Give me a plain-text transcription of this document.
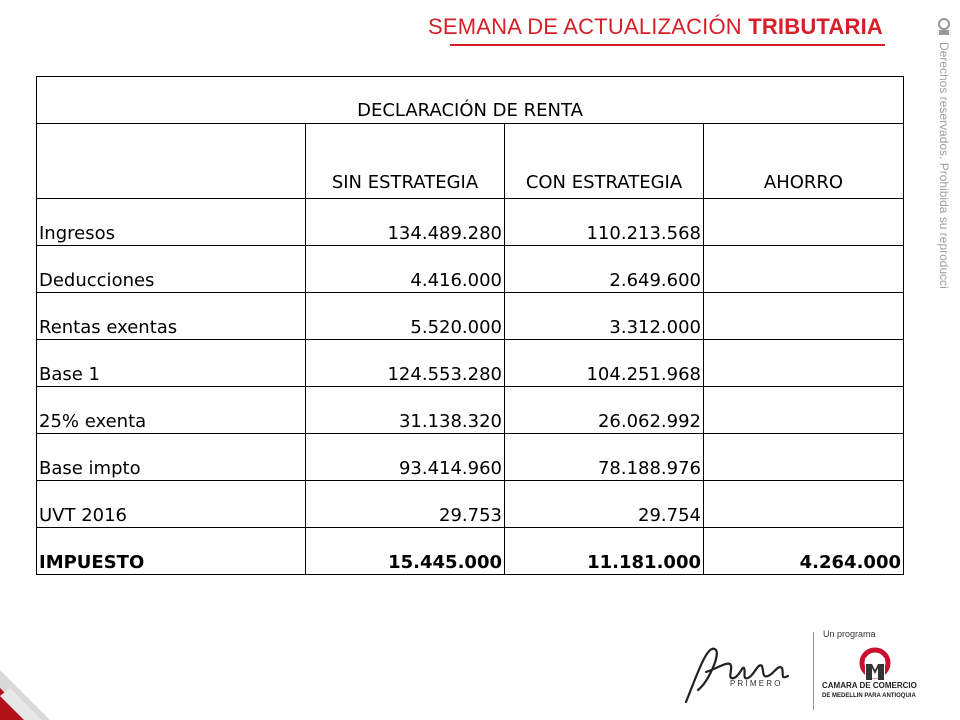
SEMANA DE ACTUALIZACIÓN TRIBUTARIA
Derechos reservados. Prohibida su reproducción.
DECLARACIÓN DE RENTA			
	SIN ESTRATEGIA	CON ESTRATEGIA	AHORRO
Ingresos	134.489.280	110.213.568	
Deducciones	4.416.000	2.649.600	
Rentas exentas	5.520.000	3.312.000	
Base 1	124.553.280	104.251.968	
25% exenta	31.138.320	26.062.992	
Base impto	93.414.960	78.188.976	
UVT 2016	29.753	29.754	
IMPUESTO	15.445.000	11.181.000	4.264.000
P R I M E R O
Un programa
CAMARA DE COMERCIO
DE MEDELLIN PARA ANTIOQUIA
